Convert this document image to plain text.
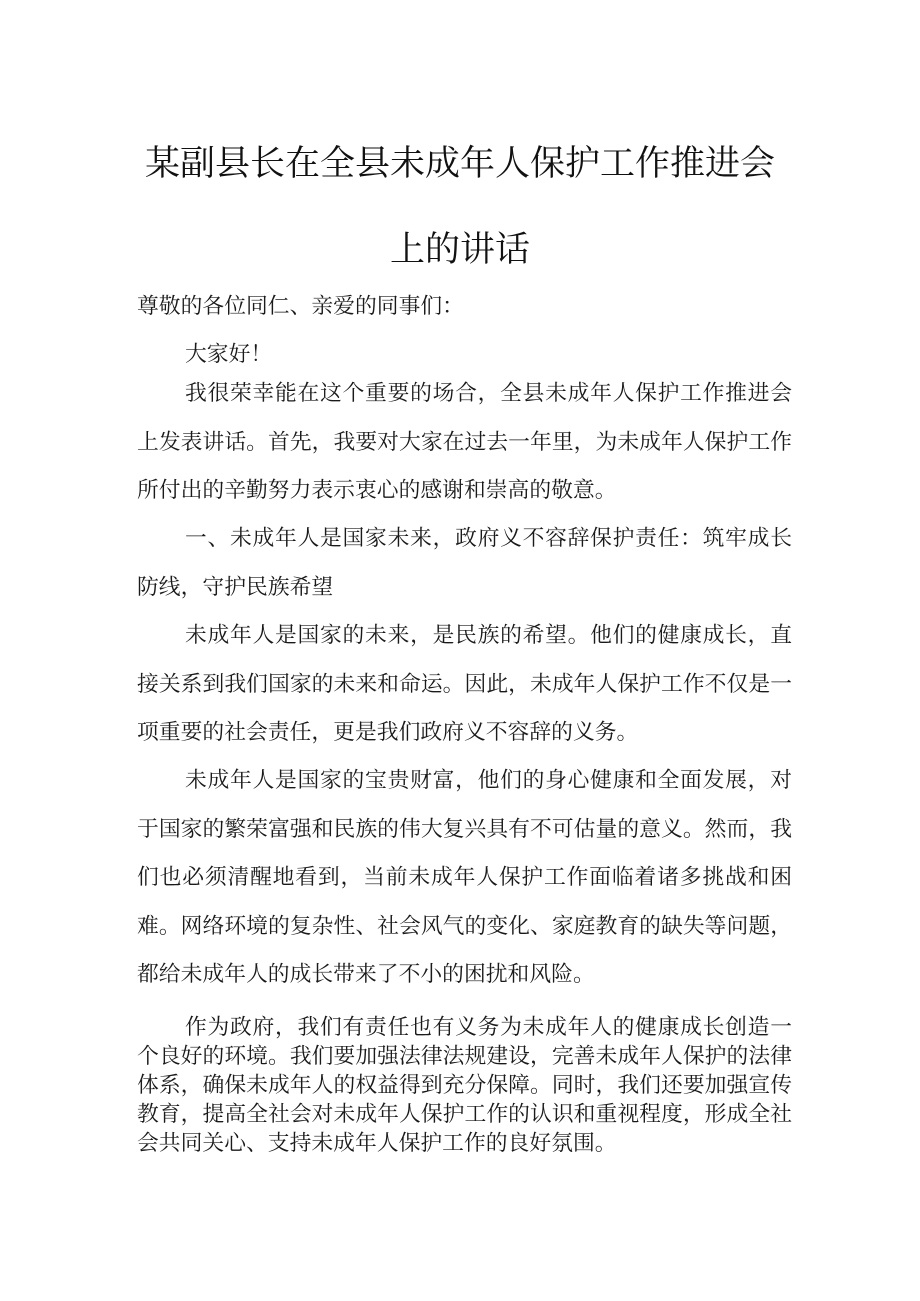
某副县长在全县未成年人保护工作推进会
上的讲话

尊敬的各位同仁、亲爱的同事们：

大家好！

我很荣幸能在这个重要的场合，全县未成年人保护工作推进会上发表讲话。首先，我要对大家在过去一年里，为未成年人保护工作所付出的辛勤努力表示衷心的感谢和崇高的敬意。

一、未成年人是国家未来，政府义不容辞保护责任：筑牢成长防线，守护民族希望

未成年人是国家的未来，是民族的希望。他们的健康成长，直接关系到我们国家的未来和命运。因此，未成年人保护工作不仅是一项重要的社会责任，更是我们政府义不容辞的义务。

未成年人是国家的宝贵财富，他们的身心健康和全面发展，对于国家的繁荣富强和民族的伟大复兴具有不可估量的意义。然而，我们也必须清醒地看到，当前未成年人保护工作面临着诸多挑战和困难。网络环境的复杂性、社会风气的变化、家庭教育的缺失等问题，都给未成年人的成长带来了不小的困扰和风险。

作为政府，我们有责任也有义务为未成年人的健康成长创造一个良好的环境。我们要加强法律法规建设，完善未成年人保护的法律体系，确保未成年人的权益得到充分保障。同时，我们还要加强宣传教育，提高全社会对未成年人保护工作的认识和重视程度，形成全社会共同关心、支持未成年人保护工作的良好氛围。
